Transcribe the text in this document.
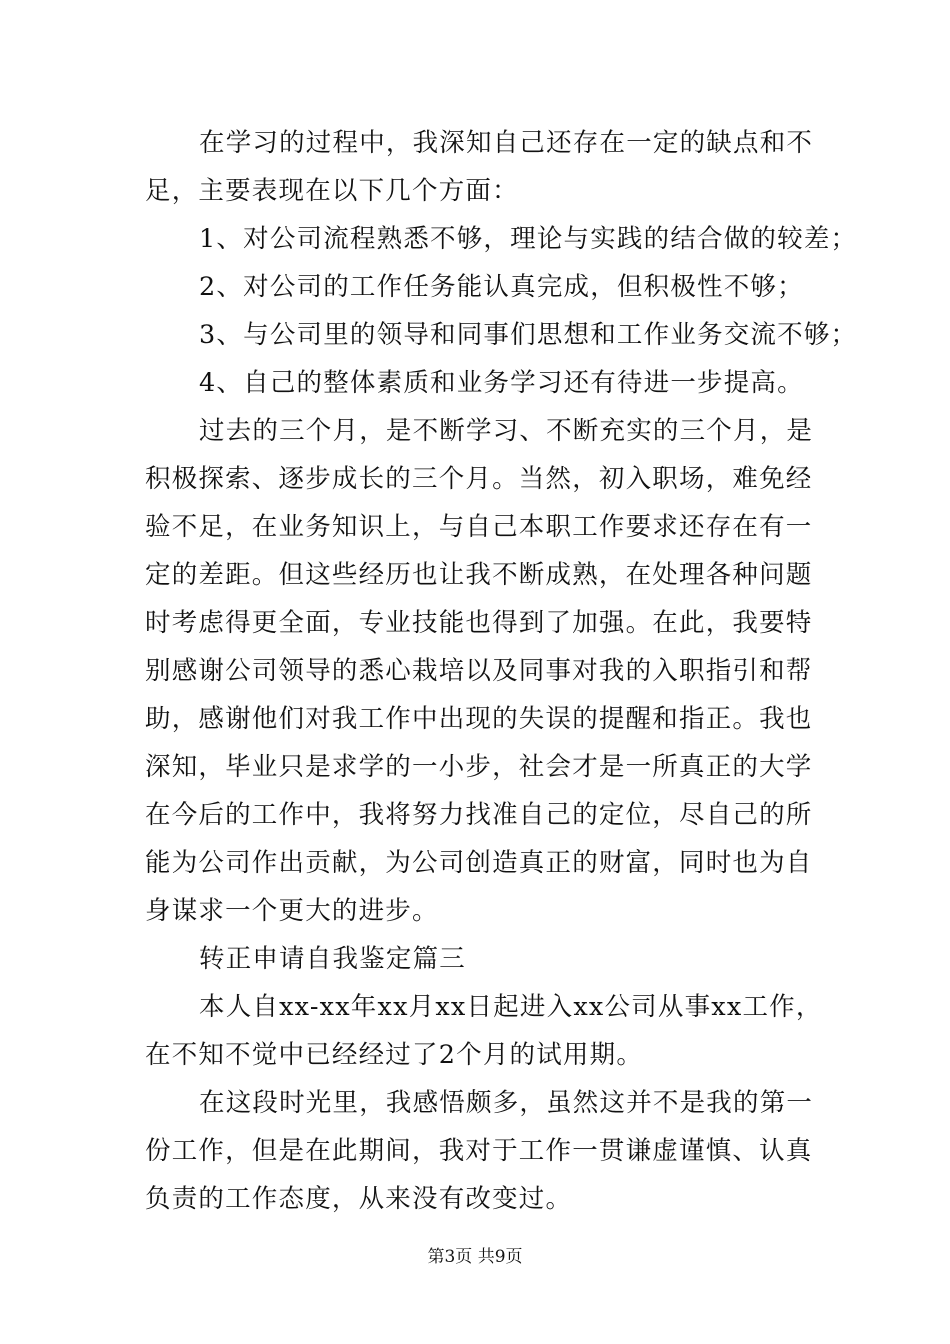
在学习的过程中，我深知自己还存在一定的缺点和不
足，主要表现在以下几个方面：
1、对公司流程熟悉不够，理论与实践的结合做的较差；
2、对公司的工作任务能认真完成，但积极性不够；
3、与公司里的领导和同事们思想和工作业务交流不够；
4、自己的整体素质和业务学习还有待进一步提高。
过去的三个月，是不断学习、不断充实的三个月，是
积极探索、逐步成长的三个月。当然，初入职场，难免经
验不足，在业务知识上，与自己本职工作要求还存在有一
定的差距。但这些经历也让我不断成熟，在处理各种问题
时考虑得更全面，专业技能也得到了加强。在此，我要特
别感谢公司领导的悉心栽培以及同事对我的入职指引和帮
助，感谢他们对我工作中出现的失误的提醒和指正。我也
深知，毕业只是求学的一小步，社会才是一所真正的大学
在今后的工作中，我将努力找准自己的定位，尽自己的所
能为公司作出贡献，为公司创造真正的财富，同时也为自
身谋求一个更大的进步。
转正申请自我鉴定篇三
本人自xx-xx年xx月xx日起进入xx公司从事xx工作，
在不知不觉中已经经过了2个月的试用期。
在这段时光里，我感悟颇多，虽然这并不是我的第一
份工作，但是在此期间，我对于工作一贯谦虚谨慎、认真
负责的工作态度，从来没有改变过。
第3页 共9页
